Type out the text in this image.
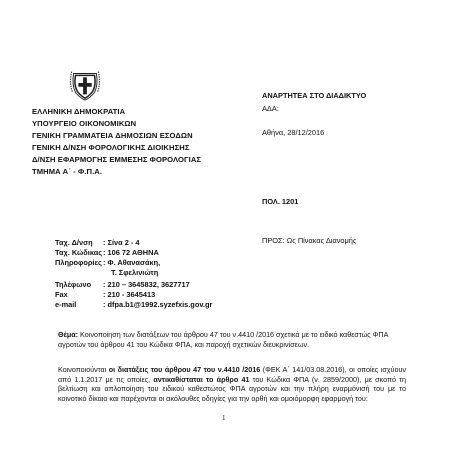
ΕΛΛΗΝΙΚΗ ΔΗΜΟΚΡΑΤΙΑ
ΥΠΟΥΡΓΕΙΟ ΟΙΚΟΝΟΜΙΚΩΝ
ΓΕΝΙΚΗ ΓΡΑΜΜΑΤΕΙΑ ΔΗΜΟΣΙΩΝ ΕΣΟΔΩΝ
ΓΕΝΙΚΗ Δ/ΝΣΗ ΦΟΡΟΛΟΓΙΚΗΣ ΔΙΟΙΚΗΣΗΣ
Δ/ΝΣΗ ΕΦΑΡΜΟΓΗΣ ΕΜΜΕΣΗΣ ΦΟΡΟΛΟΓΙΑΣ
ΤΜΗΜΑ Α΄ - Φ.Π.Α.
ΑΝΑΡΤΗΤΕΑ ΣΤΟ ΔΙΑΔΙΚΤΥΟ
ΑΔΑ:
Αθήνα, 28/12/2016
ΠΟΛ. 1201
ΠΡΟΣ: Ως Πίνακας Διανομής
Ταχ. Δ/νση : Σίνα 2 - 4
Ταχ. Κώδικας: 106 72 ΑΘΗΝΑ
Πληροφορίες: Φ. Αθανασάκη,
Τ. Σφελινιώτη
Τηλέφωνο : 210 – 3645832, 3627717
Fax	: 210 - 3645413
e-mail	: dfpa.b1@1992.syzefxis.gov.gr
Θέμα: Κοινοποίηση των διατάξεων του άρθρου 47 του ν.4410 /2016 σχετικά με το ειδικό καθεστώς ΦΠΑ αγροτών του άρθρου 41 του Κώδικα ΦΠΑ, και παροχή σχετικών διευκρινίσεων.
Κοινοποιούνται οι διατάξεις του άρθρου 47 του ν.4410 /2016 (ΦΕΚ Α΄ 141/03.08.2016), οι οποίες ισχύουν από 1.1.2017 με τις οποίες, αντικαθίσταται το άρθρο 41 του Κώδικα ΦΠΑ (ν. 2859/2000), με σκοπό τη βελτίωση και απλοποίηση του ειδικού καθεστώτος ΦΠΑ αγροτών και την πλήρη εναρμόνισή του με το κοινοτικό δίκαιο και παρέχονται οι ακόλουθες οδηγίες για την ορθή και ομοιόμορφη εφαρμογή του:
1
